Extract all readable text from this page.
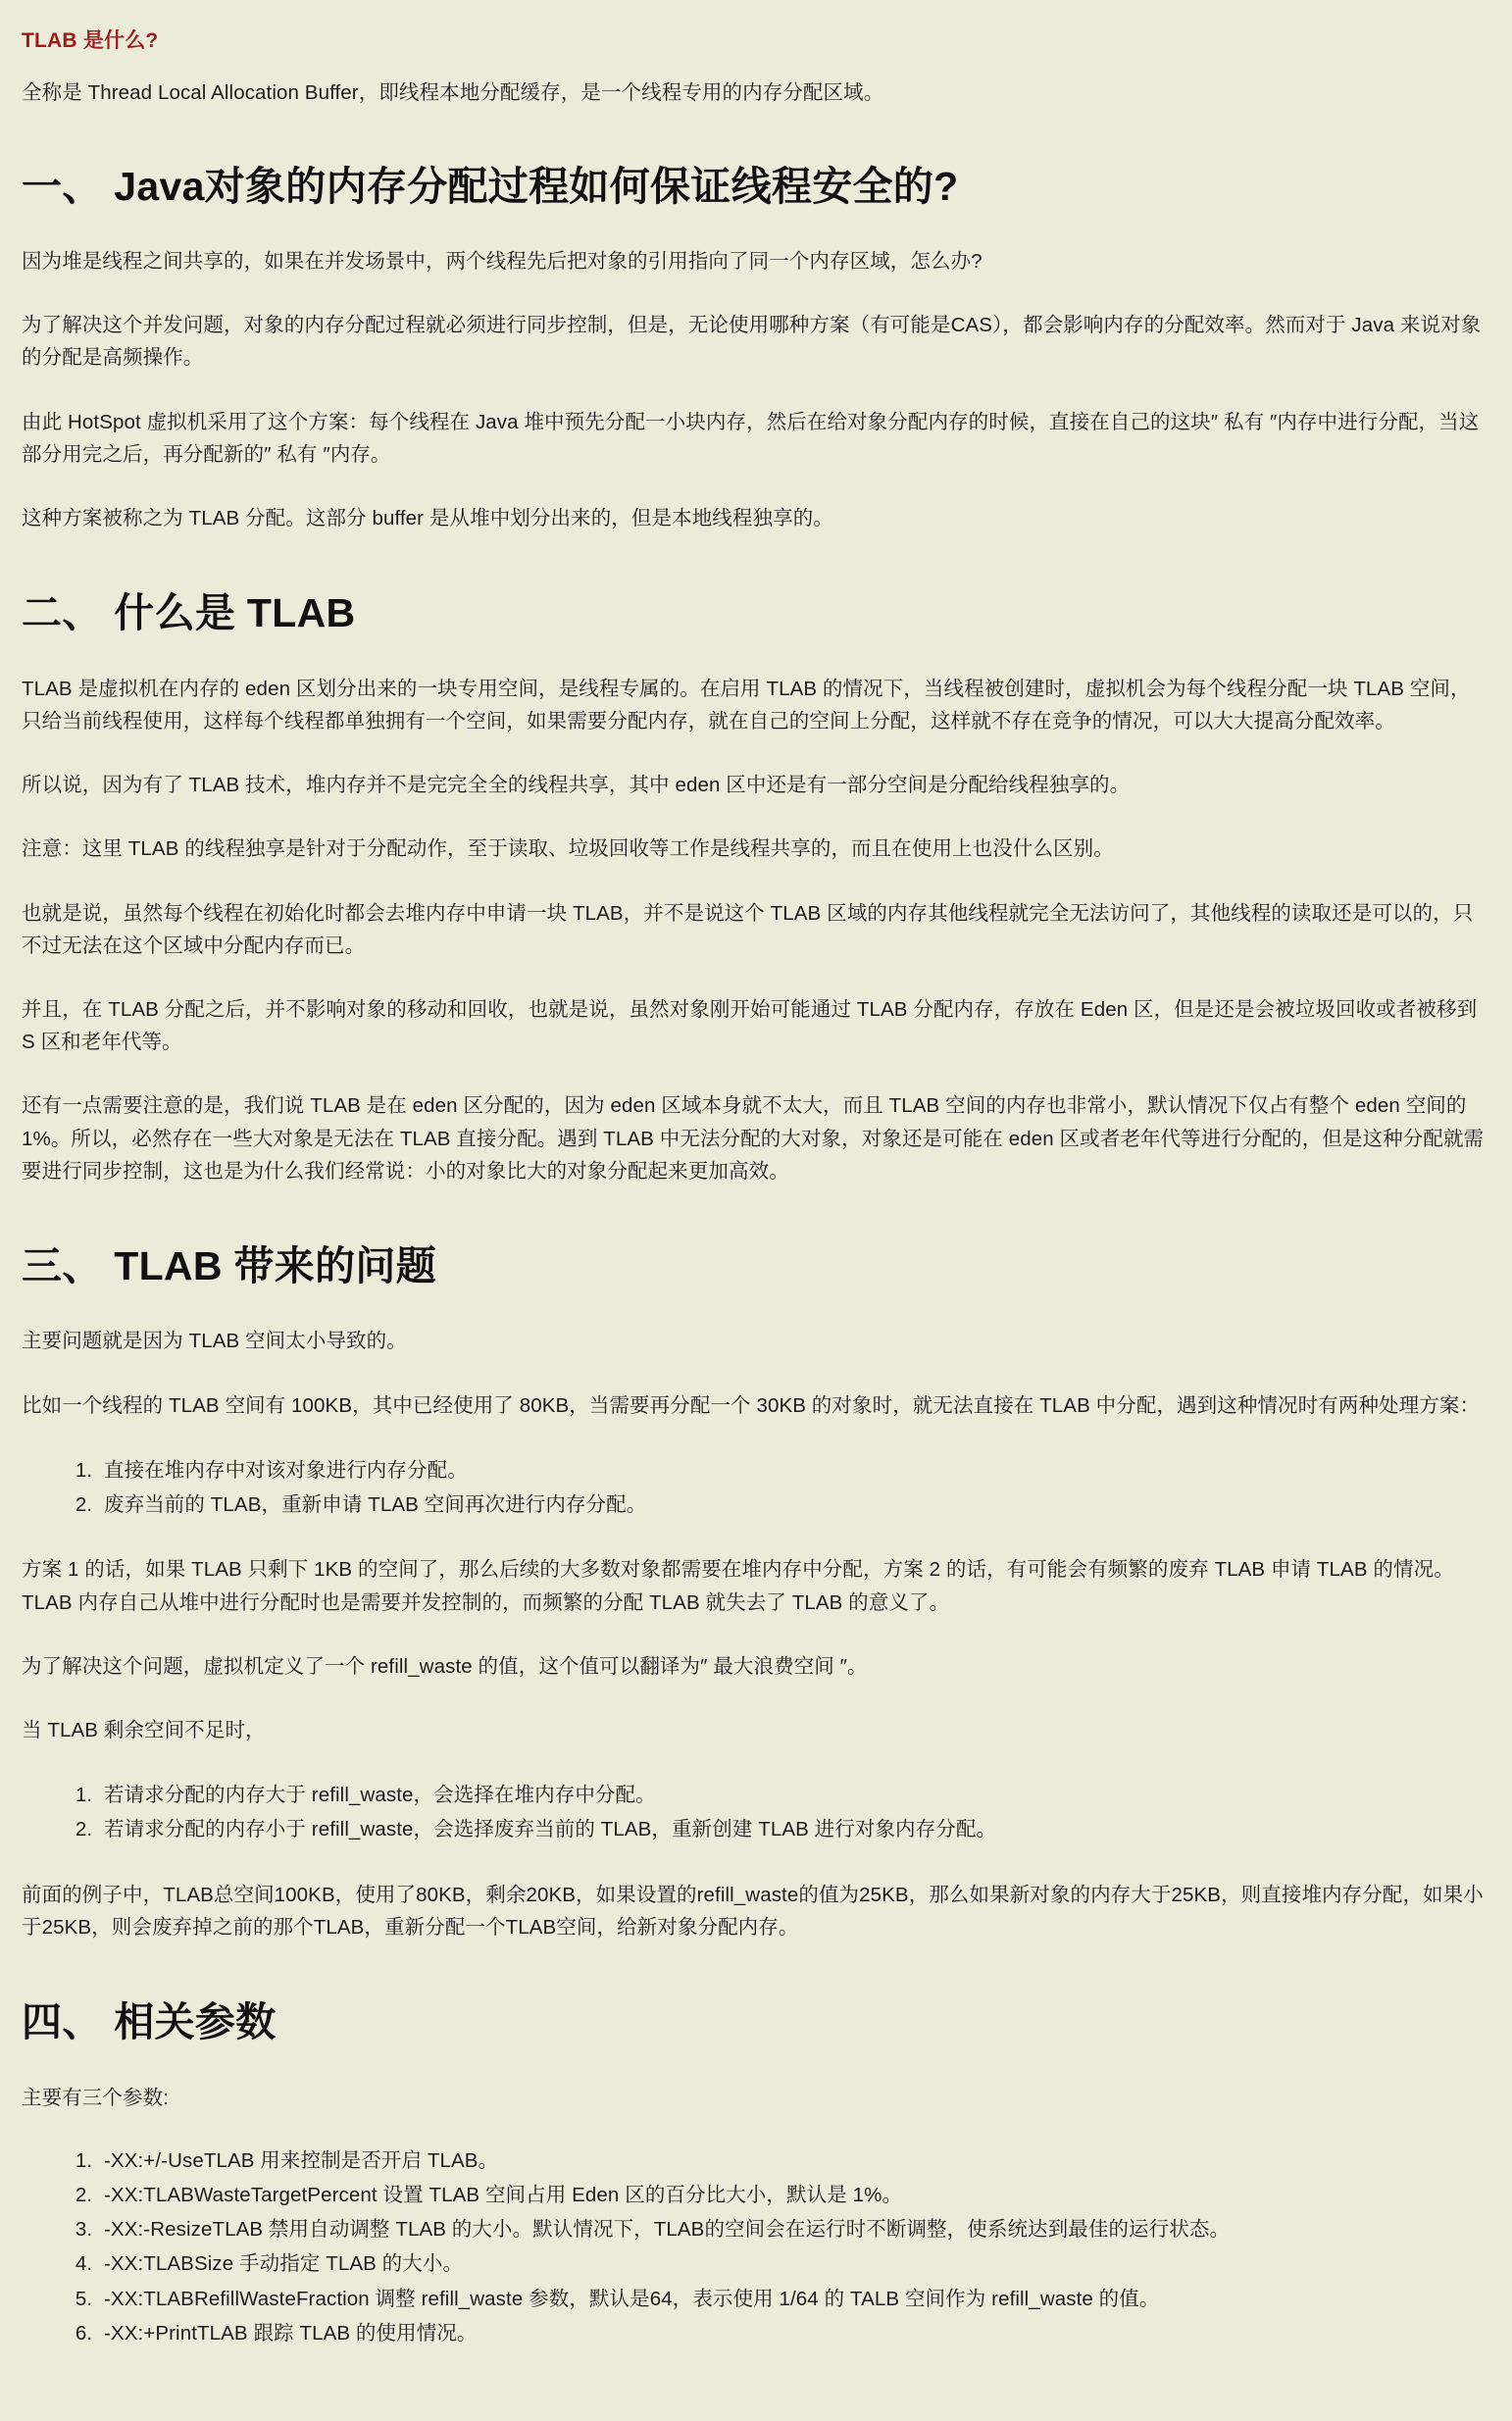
TLAB 是什么?

全称是 Thread Local Allocation Buffer，即线程本地分配缓存，是一个线程专用的内存分配区域。

一、 Java对象的内存分配过程如何保证线程安全的?

因为堆是线程之间共享的，如果在并发场景中，两个线程先后把对象的引用指向了同一个内存区域，怎么办?

为了解决这个并发问题，对象的内存分配过程就必须进行同步控制，但是，无论使用哪种方案（有可能是CAS），都会影响内存的分配效率。然而对于 Java 来说对象的分配是高频操作。

由此 HotSpot 虚拟机采用了这个方案：每个线程在 Java 堆中预先分配一小块内存，然后在给对象分配内存的时候，直接在自己的这块″ 私有 ″内存中进行分配，当这部分用完之后，再分配新的″ 私有 ″内存。

这种方案被称之为 TLAB 分配。这部分 buffer 是从堆中划分出来的，但是本地线程独享的。

二、 什么是 TLAB

TLAB 是虚拟机在内存的 eden 区划分出来的一块专用空间，是线程专属的。在启用 TLAB 的情况下，当线程被创建时，虚拟机会为每个线程分配一块 TLAB 空间，只给当前线程使用，这样每个线程都单独拥有一个空间，如果需要分配内存，就在自己的空间上分配，这样就不存在竞争的情况，可以大大提高分配效率。

所以说，因为有了 TLAB 技术，堆内存并不是完完全全的线程共享，其中 eden 区中还是有一部分空间是分配给线程独享的。

注意：这里 TLAB 的线程独享是针对于分配动作，至于读取、垃圾回收等工作是线程共享的，而且在使用上也没什么区别。

也就是说，虽然每个线程在初始化时都会去堆内存中申请一块 TLAB，并不是说这个 TLAB 区域的内存其他线程就完全无法访问了，其他线程的读取还是可以的，只不过无法在这个区域中分配内存而已。

并且，在 TLAB 分配之后，并不影响对象的移动和回收，也就是说，虽然对象刚开始可能通过 TLAB 分配内存，存放在 Eden 区，但是还是会被垃圾回收或者被移到 S 区和老年代等。

还有一点需要注意的是，我们说 TLAB 是在 eden 区分配的，因为 eden 区域本身就不太大，而且 TLAB 空间的内存也非常小，默认情况下仅占有整个 eden 空间的 1%。所以，必然存在一些大对象是无法在 TLAB 直接分配。遇到 TLAB 中无法分配的大对象，对象还是可能在 eden 区或者老年代等进行分配的，但是这种分配就需要进行同步控制，这也是为什么我们经常说：小的对象比大的对象分配起来更加高效。

三、 TLAB 带来的问题

主要问题就是因为 TLAB 空间太小导致的。

比如一个线程的 TLAB 空间有 100KB，其中已经使用了 80KB，当需要再分配一个 30KB 的对象时，就无法直接在 TLAB 中分配，遇到这种情况时有两种处理方案：

1. 直接在堆内存中对该对象进行内存分配。
2. 废弃当前的 TLAB，重新申请 TLAB 空间再次进行内存分配。

方案 1 的话，如果 TLAB 只剩下 1KB 的空间了，那么后续的大多数对象都需要在堆内存中分配，方案 2 的话，有可能会有频繁的废弃 TLAB 申请 TLAB 的情况。TLAB 内存自己从堆中进行分配时也是需要并发控制的，而频繁的分配 TLAB 就失去了 TLAB 的意义了。

为了解决这个问题，虚拟机定义了一个 refill_waste 的值，这个值可以翻译为″ 最大浪费空间 ″。

当 TLAB 剩余空间不足时，

1. 若请求分配的内存大于 refill_waste，会选择在堆内存中分配。
2. 若请求分配的内存小于 refill_waste，会选择废弃当前的 TLAB，重新创建 TLAB 进行对象内存分配。

前面的例子中，TLAB总空间100KB，使用了80KB，剩余20KB，如果设置的refill_waste的值为25KB，那么如果新对象的内存大于25KB，则直接堆内存分配，如果小于25KB，则会废弃掉之前的那个TLAB，重新分配一个TLAB空间，给新对象分配内存。

四、 相关参数

主要有三个参数:

1. -XX:+/-UseTLAB 用来控制是否开启 TLAB。
2. -XX:TLABWasteTargetPercent 设置 TLAB 空间占用 Eden 区的百分比大小，默认是 1%。
3. -XX:-ResizeTLAB 禁用自动调整 TLAB 的大小。默认情况下，TLAB的空间会在运行时不断调整，使系统达到最佳的运行状态。
4. -XX:TLABSize 手动指定 TLAB 的大小。
5. -XX:TLABRefillWasteFraction 调整 refill_waste 参数，默认是64，表示使用 1/64 的 TALB 空间作为 refill_waste 的值。
6. -XX:+PrintTLAB 跟踪 TLAB 的使用情况。
